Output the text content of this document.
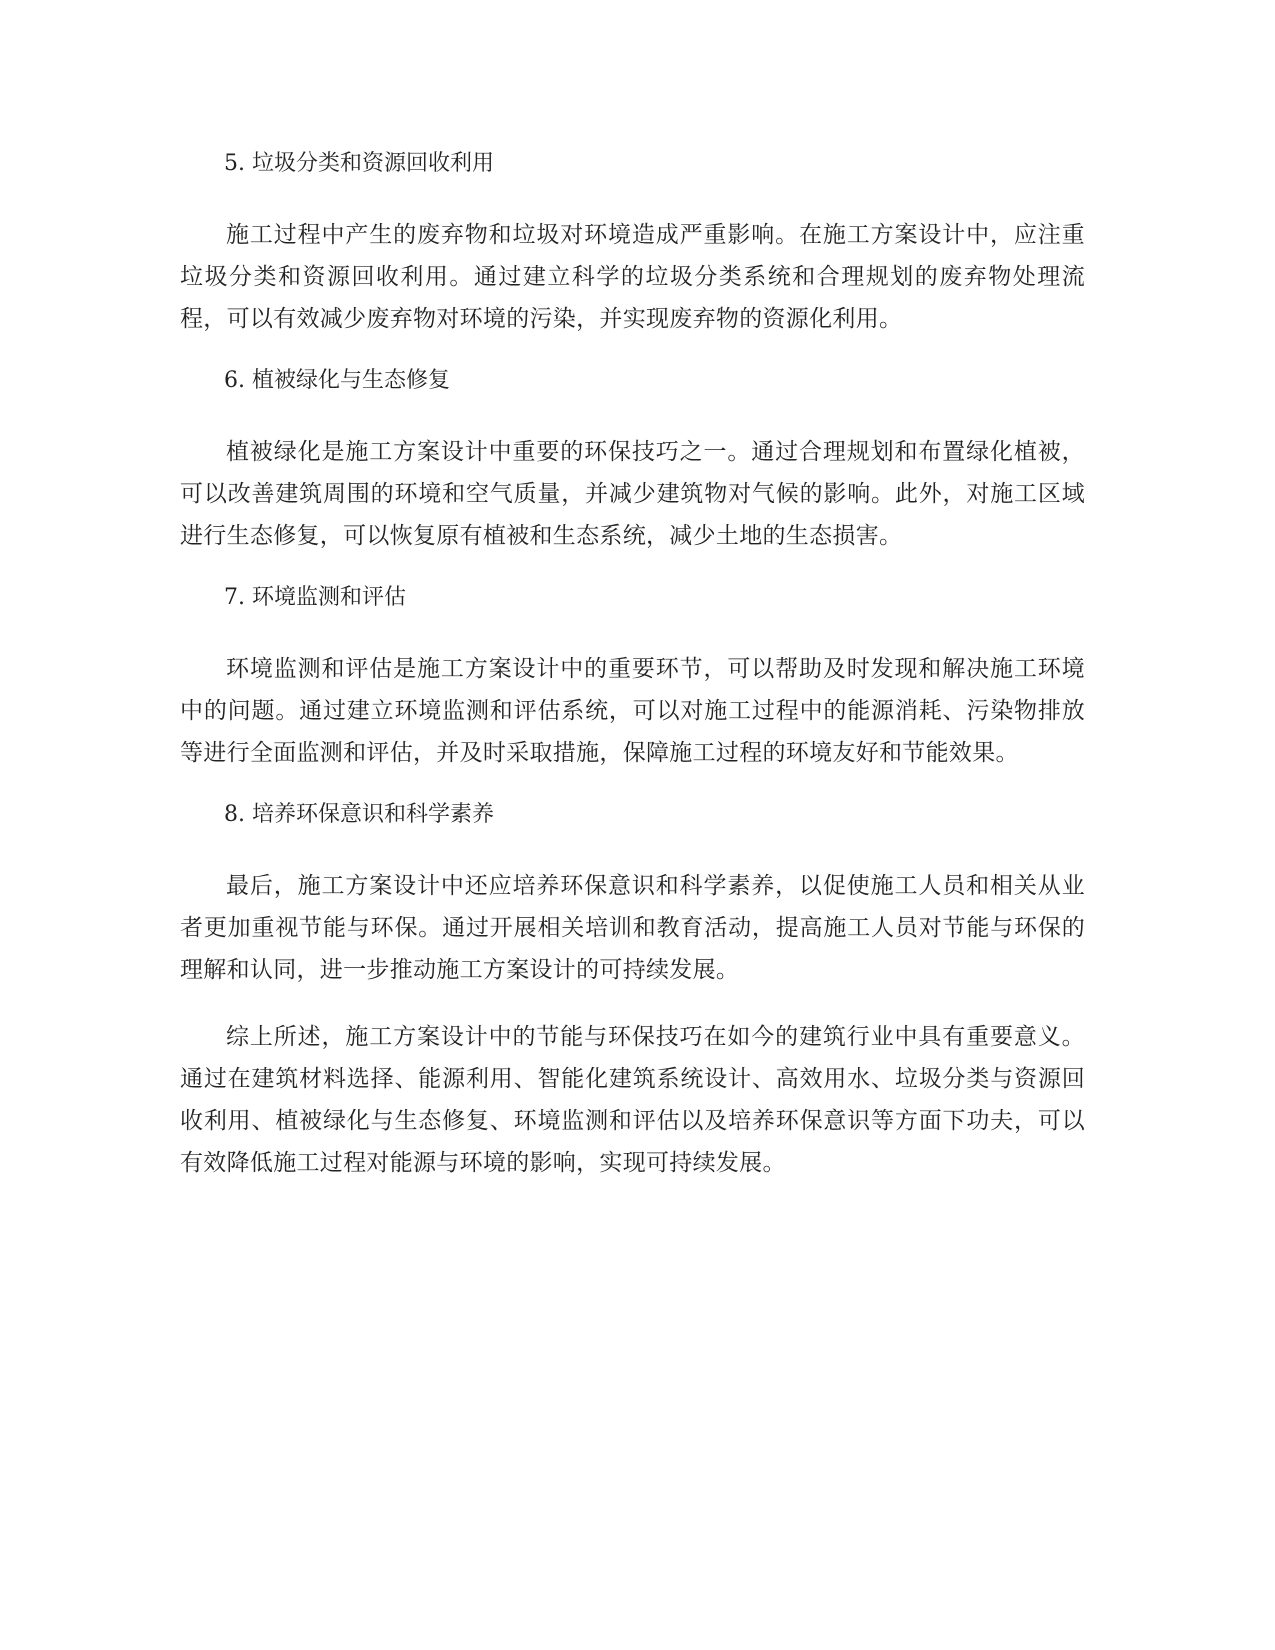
5. 垃圾分类和资源回收利用

施工过程中产生的废弃物和垃圾对环境造成严重影响。在施工方案设计中，应注重垃圾分类和资源回收利用。通过建立科学的垃圾分类系统和合理规划的废弃物处理流程，可以有效减少废弃物对环境的污染，并实现废弃物的资源化利用。

6. 植被绿化与生态修复

植被绿化是施工方案设计中重要的环保技巧之一。通过合理规划和布置绿化植被，可以改善建筑周围的环境和空气质量，并减少建筑物对气候的影响。此外，对施工区域进行生态修复，可以恢复原有植被和生态系统，减少土地的生态损害。

7. 环境监测和评估

环境监测和评估是施工方案设计中的重要环节，可以帮助及时发现和解决施工环境中的问题。通过建立环境监测和评估系统，可以对施工过程中的能源消耗、污染物排放等进行全面监测和评估，并及时采取措施，保障施工过程的环境友好和节能效果。

8. 培养环保意识和科学素养

最后，施工方案设计中还应培养环保意识和科学素养，以促使施工人员和相关从业者更加重视节能与环保。通过开展相关培训和教育活动，提高施工人员对节能与环保的理解和认同，进一步推动施工方案设计的可持续发展。

综上所述，施工方案设计中的节能与环保技巧在如今的建筑行业中具有重要意义。通过在建筑材料选择、能源利用、智能化建筑系统设计、高效用水、垃圾分类与资源回收利用、植被绿化与生态修复、环境监测和评估以及培养环保意识等方面下功夫，可以有效降低施工过程对能源与环境的影响，实现可持续发展。
